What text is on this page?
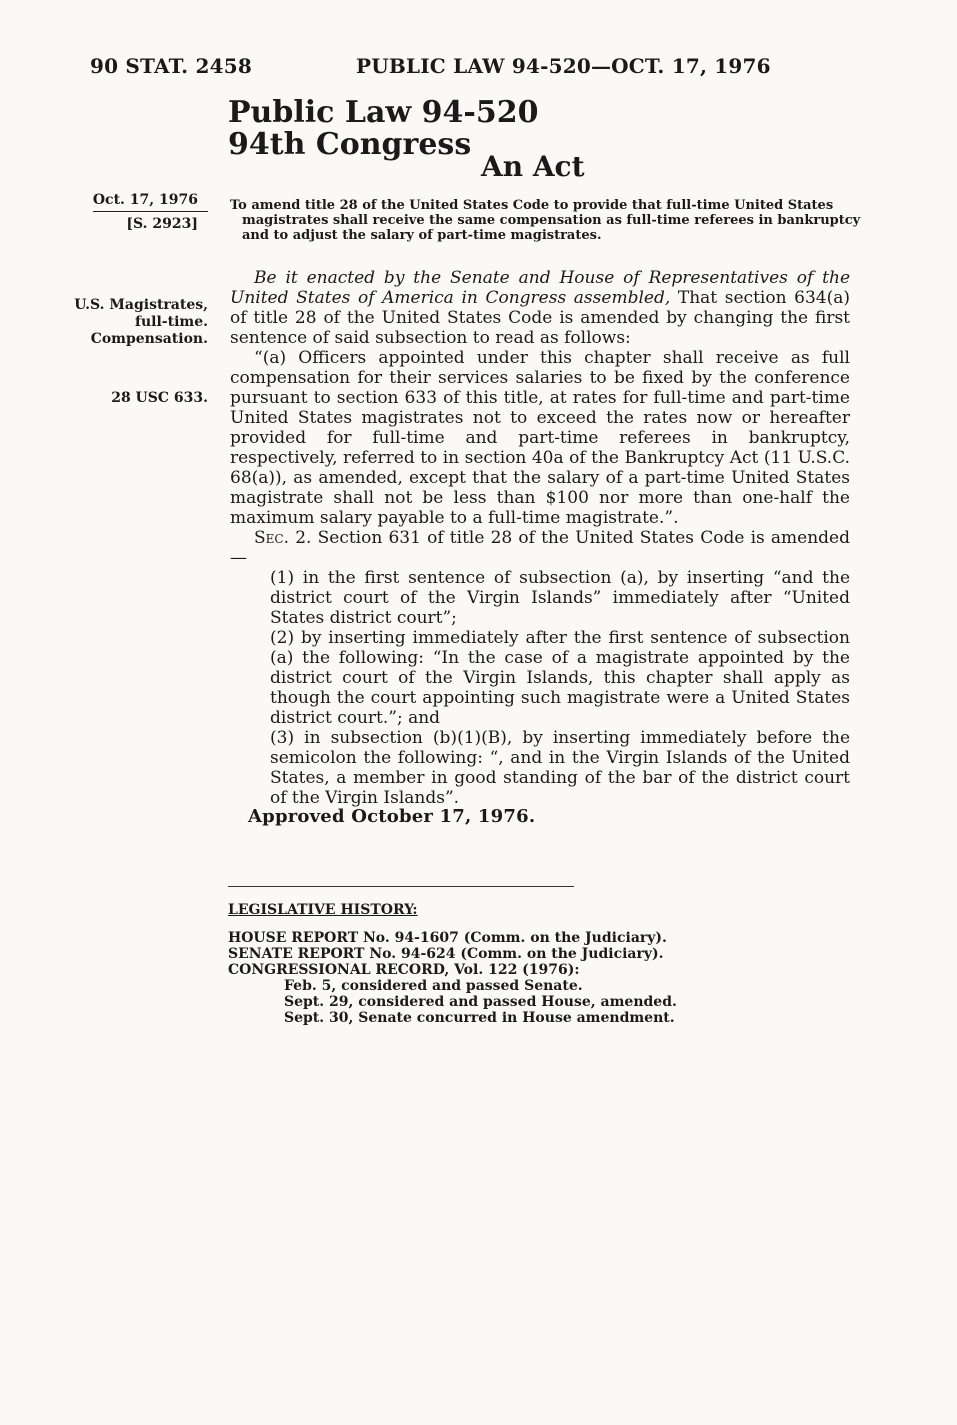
90 STAT. 2458	PUBLIC LAW 94-520—OCT. 17, 1976
Public Law 94-520
94th Congress
An Act
Oct. 17, 1976
[S. 2923]
U.S. Magistrates, full-time. Compensation.
28 USC 633.
To amend title 28 of the United States Code to provide that full-time United States magistrates shall receive the same compensation as full-time referees in bankruptcy and to adjust the salary of part-time magistrates.

Be it enacted by the Senate and House of Representatives of the United States of America in Congress assembled, That section 634(a) of title 28 of the United States Code is amended by changing the first sentence of said subsection to read as follows:

“(a) Officers appointed under this chapter shall receive as full compensation for their services salaries to be fixed by the conference pursuant to section 633 of this title, at rates for full-time and part-time United States magistrates not to exceed the rates now or hereafter provided for full-time and part-time referees in bankruptcy, respectively, referred to in section 40a of the Bankruptcy Act (11 U.S.C. 68(a)), as amended, except that the salary of a part-time United States magistrate shall not be less than $100 nor more than one-half the maximum salary payable to a full-time magistrate.”.

Sec. 2. Section 631 of title 28 of the United States Code is amended—

(1) in the first sentence of subsection (a), by inserting “and the district court of the Virgin Islands” immediately after “United States district court”;

(2) by inserting immediately after the first sentence of subsection (a) the following: “In the case of a magistrate appointed by the district court of the Virgin Islands, this chapter shall apply as though the court appointing such magistrate were a United States district court.”; and

(3) in subsection (b)(1)(B), by inserting immediately before the semicolon the following: “, and in the Virgin Islands of the United States, a member in good standing of the bar of the district court of the Virgin Islands”.

Approved October 17, 1976.
LEGISLATIVE HISTORY:
HOUSE REPORT No. 94-1607 (Comm. on the Judiciary).
SENATE REPORT No. 94-624 (Comm. on the Judiciary).
CONGRESSIONAL RECORD, Vol. 122 (1976):
Feb. 5, considered and passed Senate.
Sept. 29, considered and passed House, amended.
Sept. 30, Senate concurred in House amendment.
